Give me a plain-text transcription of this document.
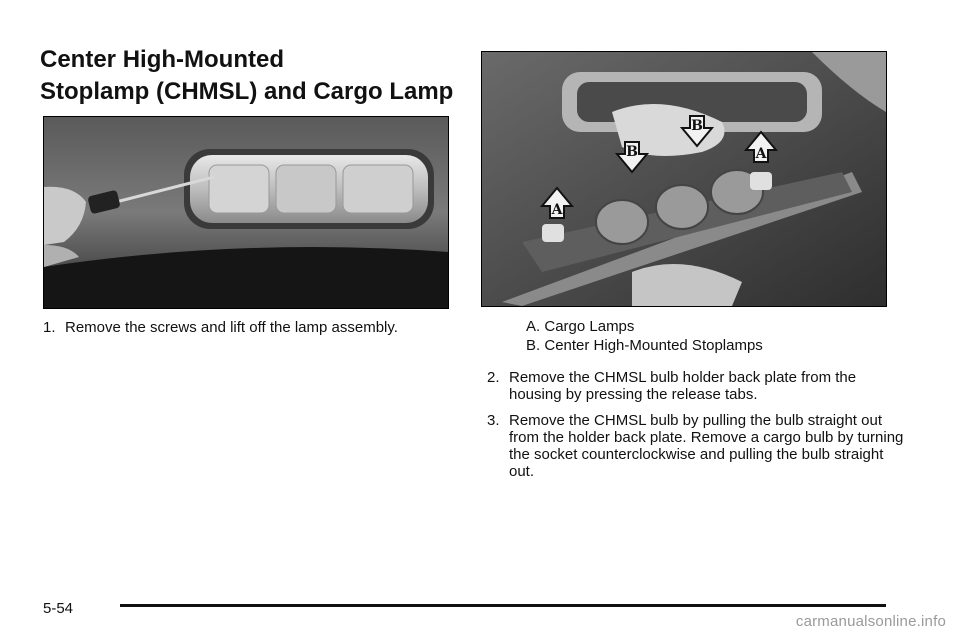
Center High-Mounted
Stoplamp (CHMSL) and Cargo Lamp
A
B
B
A
1. Remove the screws and lift off the lamp assembly.	A. Cargo Lamps
B. Center High-Mounted Stoplamps
2. Remove the CHMSL bulb holder back plate from the housing by pressing the release tabs.
3. Remove the CHMSL bulb by pulling the bulb straight out from the holder back plate. Remove a cargo bulb by turning the socket counterclockwise and pulling the bulb straight out.
5-54
carmanualsonline.info
